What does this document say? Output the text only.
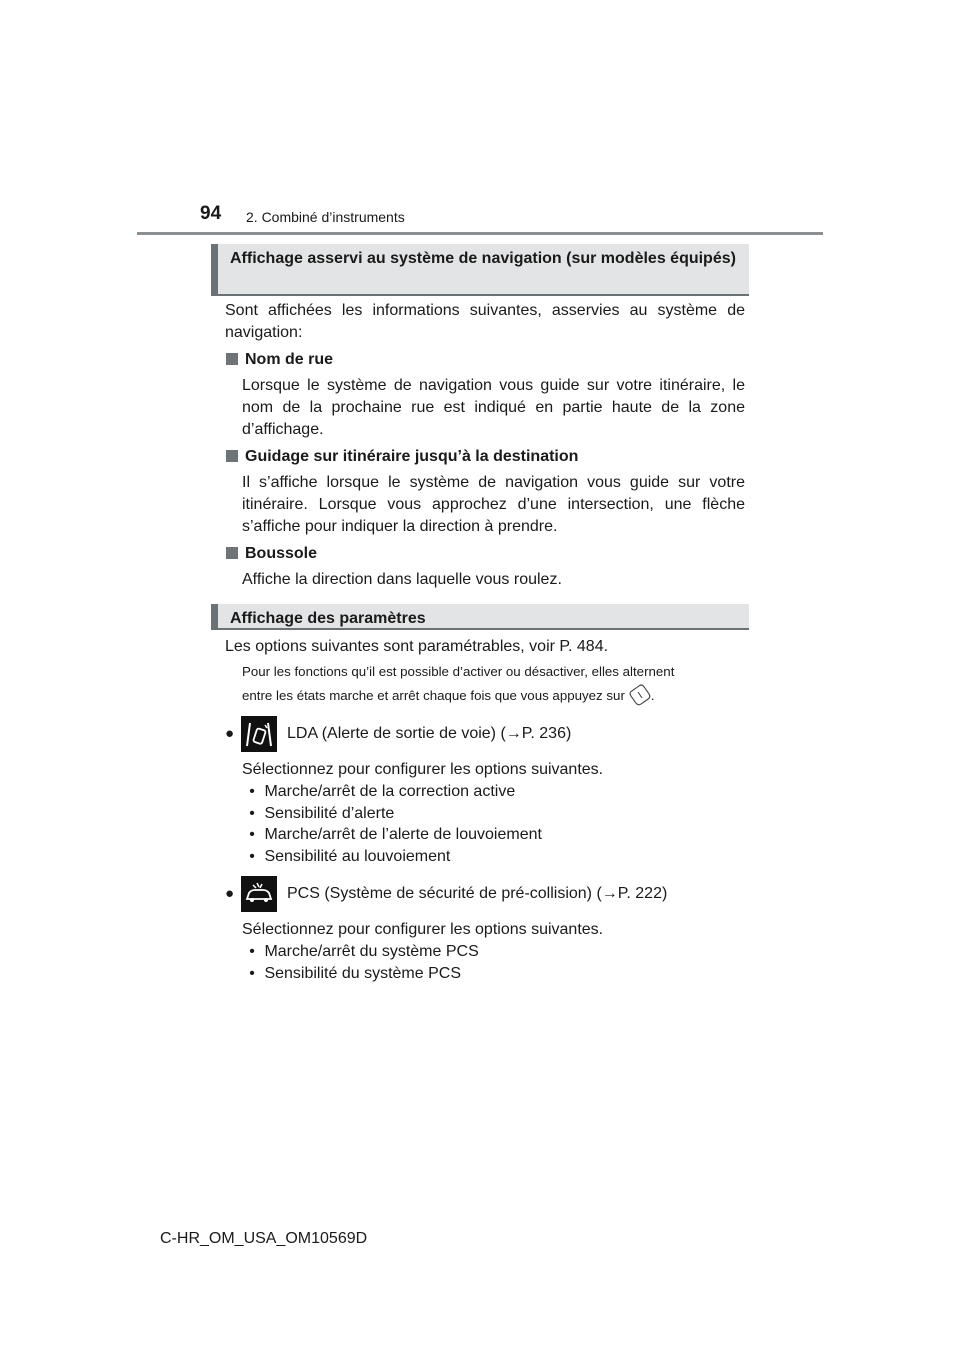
94 2. Combiné d’instruments
Affichage asservi au système de navigation (sur modèles équipés)
Sont affichées les informations suivantes, asservies au système de navigation:
Nom de rue
Lorsque le système de navigation vous guide sur votre itinéraire, le nom de la prochaine rue est indiqué en partie haute de la zone d’affichage.
Guidage sur itinéraire jusqu’à la destination
Il s’affiche lorsque le système de navigation vous guide sur votre itinéraire. Lorsque vous approchez d’une intersection, une flèche s’affiche pour indiquer la direction à prendre.
Boussole
Affiche la direction dans laquelle vous roulez.
Affichage des paramètres
Les options suivantes sont paramétrables, voir P. 484.
Pour les fonctions qu’il est possible d’activer ou désactiver, elles alternent
entre les états marche et arrêt chaque fois que vous appuyez sur .
●	LDA (Alerte de sortie de voie) ( →P. 236)
Sélectionnez pour configurer les options suivantes.
• Marche/arrêt de la correction active
• Sensibilité d’alerte
• Marche/arrêt de l’alerte de louvoiement
• Sensibilité au louvoiement
●	PCS (Système de sécurité de pré-collision) ( →P. 222)
Sélectionnez pour configurer les options suivantes.
• Marche/arrêt du système PCS
• Sensibilité du système PCS
C-HR_OM_USA_OM10569D
